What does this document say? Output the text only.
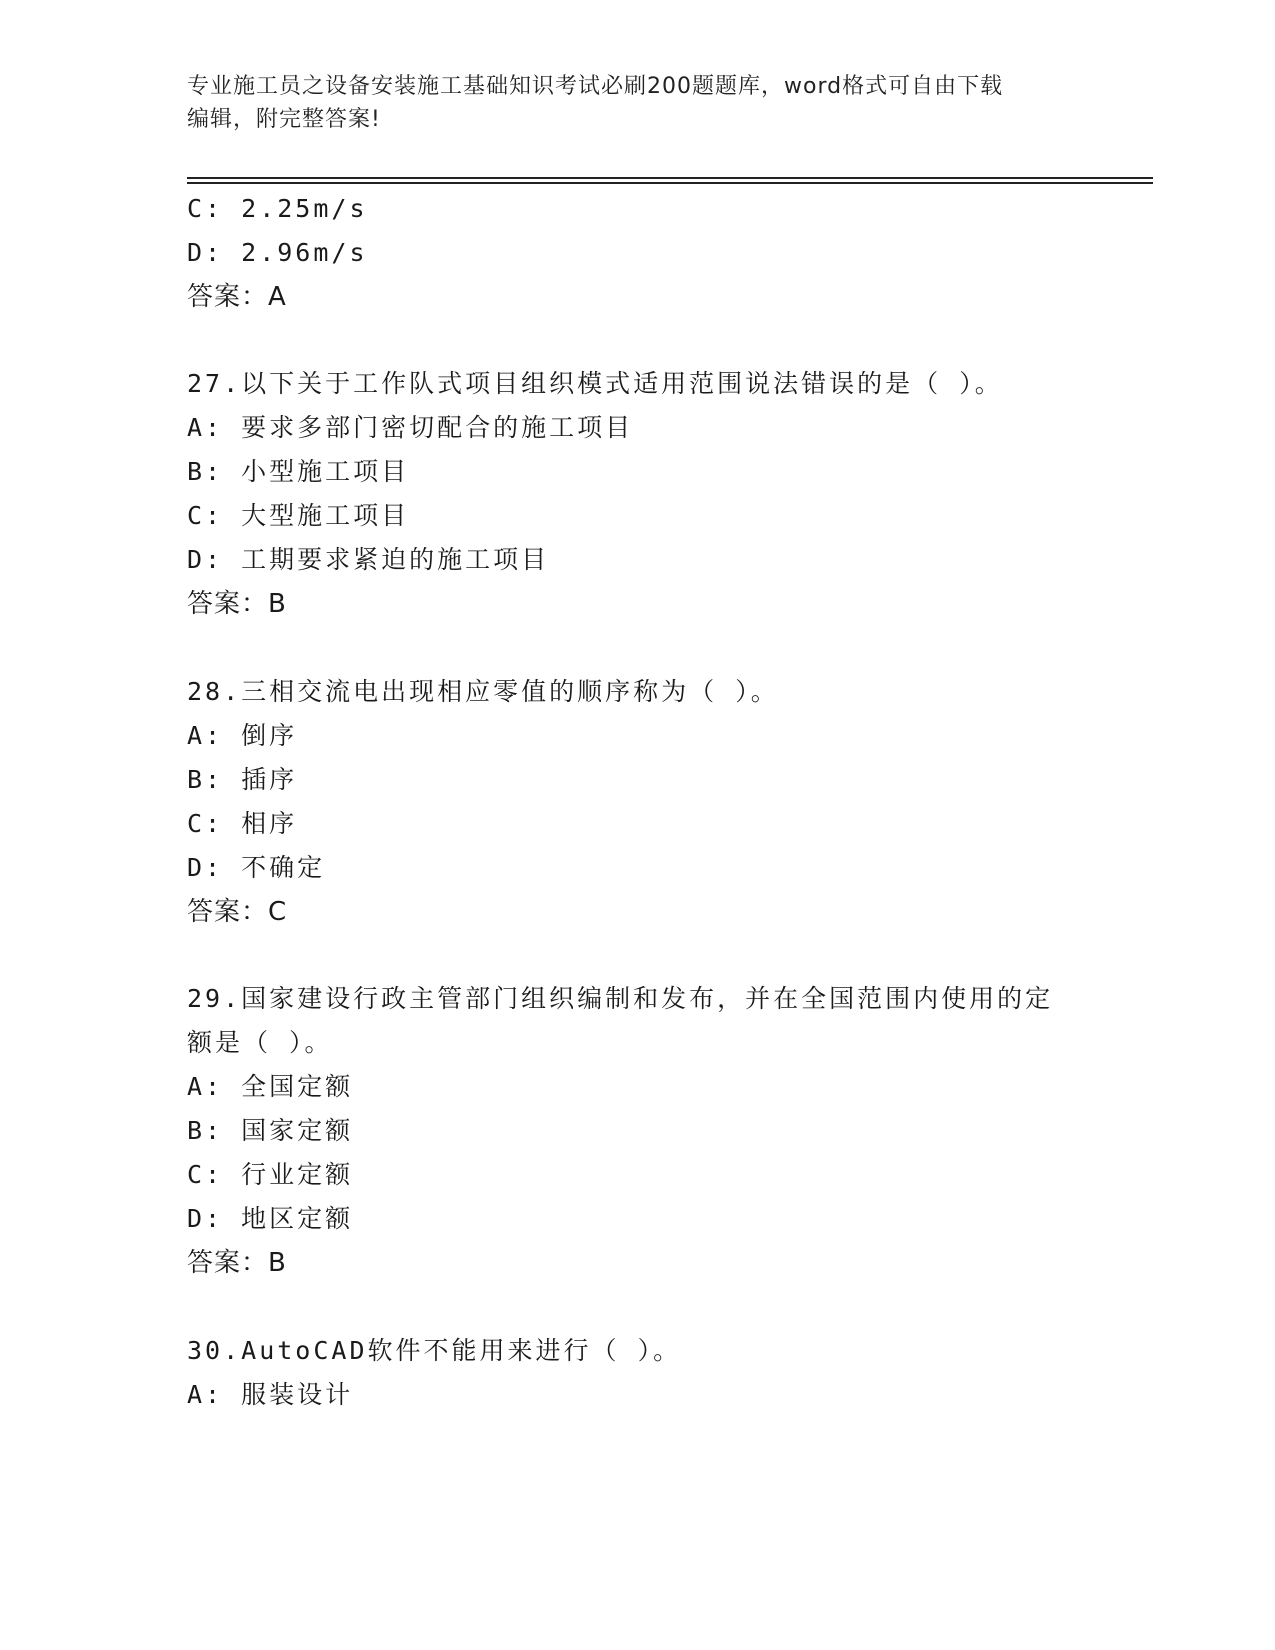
专业施工员之设备安装施工基础知识考试必刷200题题库，word格式可自由下载
编辑，附完整答案!
C: 2.25m/s
D: 2.96m/s
答案：A
27.以下关于工作队式项目组织模式适用范围说法错误的是（ ）。
A: 要求多部门密切配合的施工项目
B: 小型施工项目
C: 大型施工项目
D: 工期要求紧迫的施工项目
答案：B
28.三相交流电出现相应零值的顺序称为（ ）。
A: 倒序
B: 插序
C: 相序
D: 不确定
答案：C
29.国家建设行政主管部门组织编制和发布，并在全国范围内使用的定
额是（ ）。
A: 全国定额
B: 国家定额
C: 行业定额
D: 地区定额
答案：B
30.AutoCAD软件不能用来进行（ ）。
A: 服装设计
